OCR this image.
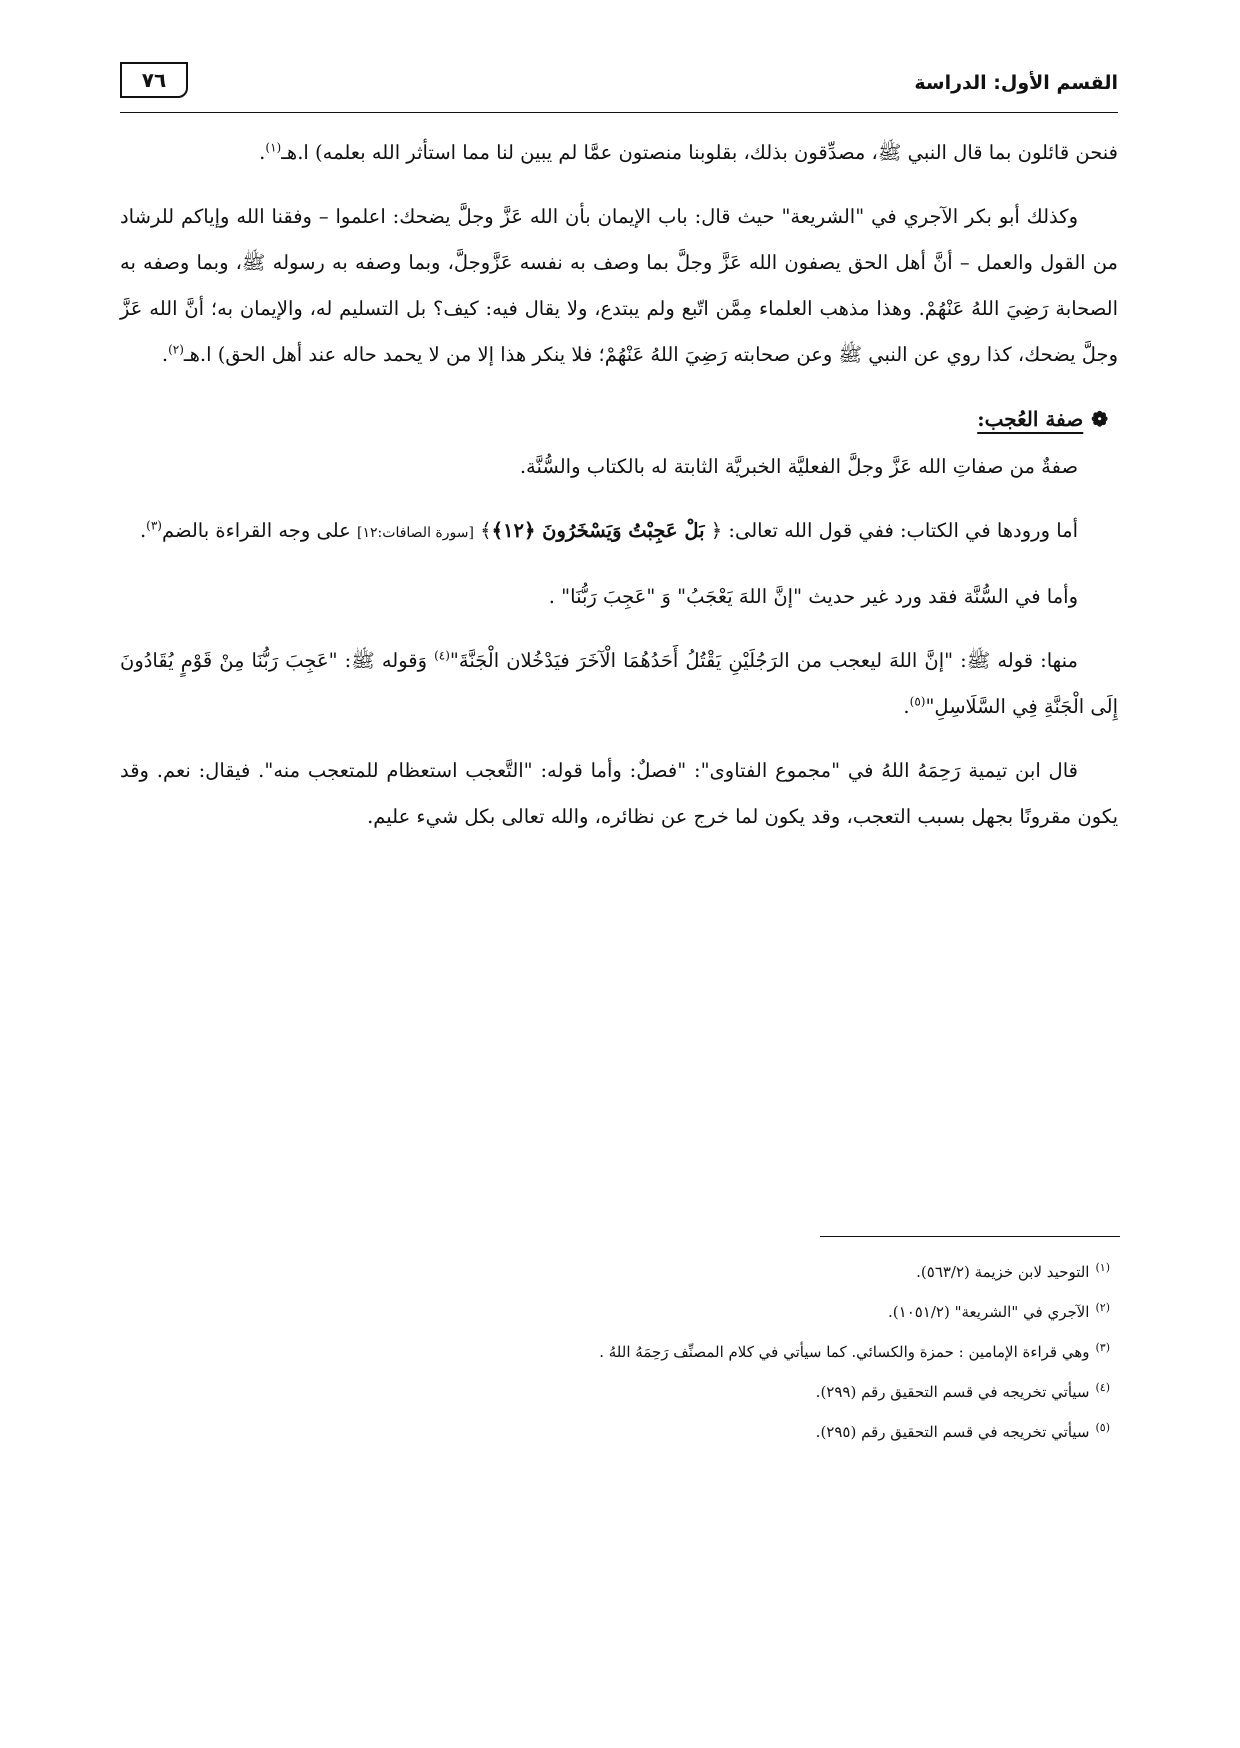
٧٦	القسم الأول: الدراسة

فنحن قائلون بما قال النبي ﷺ، مصدِّقون بذلك، بقلوبنا منصتون عمَّا لم يبين لنا مما استأثر الله بعلمه) ا.هـ$^{(١)}$.

وكذلك أبو بكر الآجري في "الشريعة" حيث قال: باب الإيمان بأن الله عَزَّ وجلَّ يضحك: اعلموا – وفقنا الله وإياكم للرشاد من القول والعمل – أنَّ أهل الحق يصفون الله عَزَّ وجلَّ بما وصف به نفسه عَزَّوجلَّ، وبما وصفه به رسوله ﷺ، وبما وصفه به الصحابة رَضِيَ اللهُ عَنْهُمْ. وهذا مذهب العلماء مِمَّن اتّبع ولم يبتدع، ولا يقال فيه: كيف؟ بل التسليم له، والإيمان به؛ أنَّ الله عَزَّ وجلَّ يضحك، كذا روي عن النبي ﷺ وعن صحابته رَضِيَ اللهُ عَنْهُمْ؛ فلا ينكر هذا إلا من لا يحمد حاله عند أهل الحق) ا.هـ$^{(٢)}$.

❁صفة العُجب:

صفةٌ من صفاتِ الله عَزَّ وجلَّ الفعليَّة الخبريَّة الثابتة له بالكتاب والسُّنَّة.

أما ورودها في الكتاب: ففي قول الله تعالى: ﴿ بَلْ عَجِبْتُ وَيَسْخَرُونَ ﴿١٢﴾﴾ [سورة الصافات:١٢] على وجه القراءة بالضم$^{(٣)}$.

وأما في السُّنَّة فقد ورد غير حديث "إنَّ اللهَ يَعْجَبُ" وَ "عَجِبَ رَبُّنَا" .

منها: قوله ﷺ: "إنَّ اللهَ ليعجب من الرَجُلَيْنِ يَقْتُلُ أَحَدُهُمَا الْآخَرَ فيَدْخُلان الْجَنَّةَ"$^{(٤)}$ وَقوله ﷺ: "عَجِبَ رَبُّنَا مِنْ قَوْمٍ يُقَادُونَ إِلَى الْجَنَّةِ فِي السَّلَاسِلِ"$^{(٥)}$.

قال ابن تيمية رَحِمَهُ اللهُ في "مجموع الفتاوى": "فصلٌ: وأما قوله: "التَّعجب استعظام للمتعجب منه". فيقال: نعم. وقد يكون مقرونًا بجهل بسبب التعجب، وقد يكون لما خرج عن نظائره، والله تعالى بكل شيء عليم.

$^{(١)}$التوحيد لابن خزيمة (٥٦٣/٢).

$^{(٢)}$الآجري في "الشريعة" (١٠٥١/٢).

$^{(٣)}$وهي قراءة الإمامين : حمزة والكسائي. كما سيأتي في كلام المصنِّف رَحِمَهُ اللهُ .

$^{(٤)}$سيأتي تخريجه في قسم التحقيق رقم (٢٩٩).

$^{(٥)}$سيأتي تخريجه في قسم التحقيق رقم (٢٩٥).
